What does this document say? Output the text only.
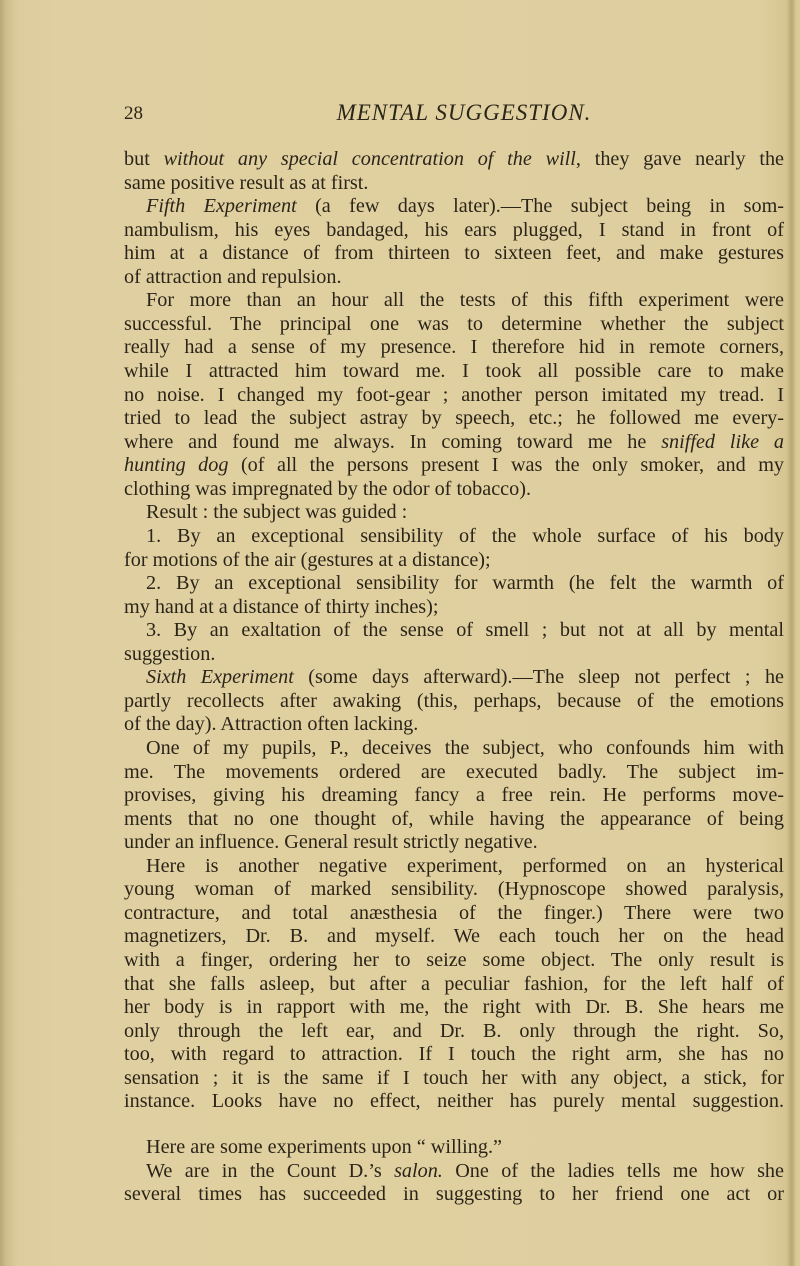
28	MENTAL SUGGESTION.
but without any special concentration of the will, they gave nearly the
same positive result as at first.
Fifth Experiment (a few days later).—The subject being in som-
nambulism, his eyes bandaged, his ears plugged, I stand in front of
him at a distance of from thirteen to sixteen feet, and make gestures
of attraction and repulsion.
For more than an hour all the tests of this fifth experiment were
successful. The principal one was to determine whether the subject
really had a sense of my presence. I therefore hid in remote corners,
while I attracted him toward me. I took all possible care to make
no noise. I changed my foot-gear ; another person imitated my tread. I
tried to lead the subject astray by speech, etc.; he followed me every-
where and found me always. In coming toward me he sniffed like a
hunting dog (of all the persons present I was the only smoker, and my
clothing was impregnated by the odor of tobacco).
Result : the subject was guided :
1. By an exceptional sensibility of the whole surface of his body
for motions of the air (gestures at a distance);
2. By an exceptional sensibility for warmth (he felt the warmth of
my hand at a distance of thirty inches);
3. By an exaltation of the sense of smell ; but not at all by mental
suggestion.
Sixth Experiment (some days afterward).—The sleep not perfect ; he
partly recollects after awaking (this, perhaps, because of the emotions
of the day). Attraction often lacking.
One of my pupils, P., deceives the subject, who confounds him with
me. The movements ordered are executed badly. The subject im-
provises, giving his dreaming fancy a free rein. He performs move-
ments that no one thought of, while having the appearance of being
under an influence. General result strictly negative.
Here is another negative experiment, performed on an hysterical
young woman of marked sensibility. (Hypnoscope showed paralysis,
contracture, and total anæsthesia of the finger.) There were two
magnetizers, Dr. B. and myself. We each touch her on the head
with a finger, ordering her to seize some object. The only result is
that she falls asleep, but after a peculiar fashion, for the left half of
her body is in rapport with me, the right with Dr. B. She hears me
only through the left ear, and Dr. B. only through the right. So,
too, with regard to attraction. If I touch the right arm, she has no
sensation ; it is the same if I touch her with any object, a stick, for
instance. Looks have no effect, neither has purely mental suggestion.
Here are some experiments upon “ willing.”
We are in the Count D.’s salon. One of the ladies tells me how she
several times has succeeded in suggesting to her friend one act or
